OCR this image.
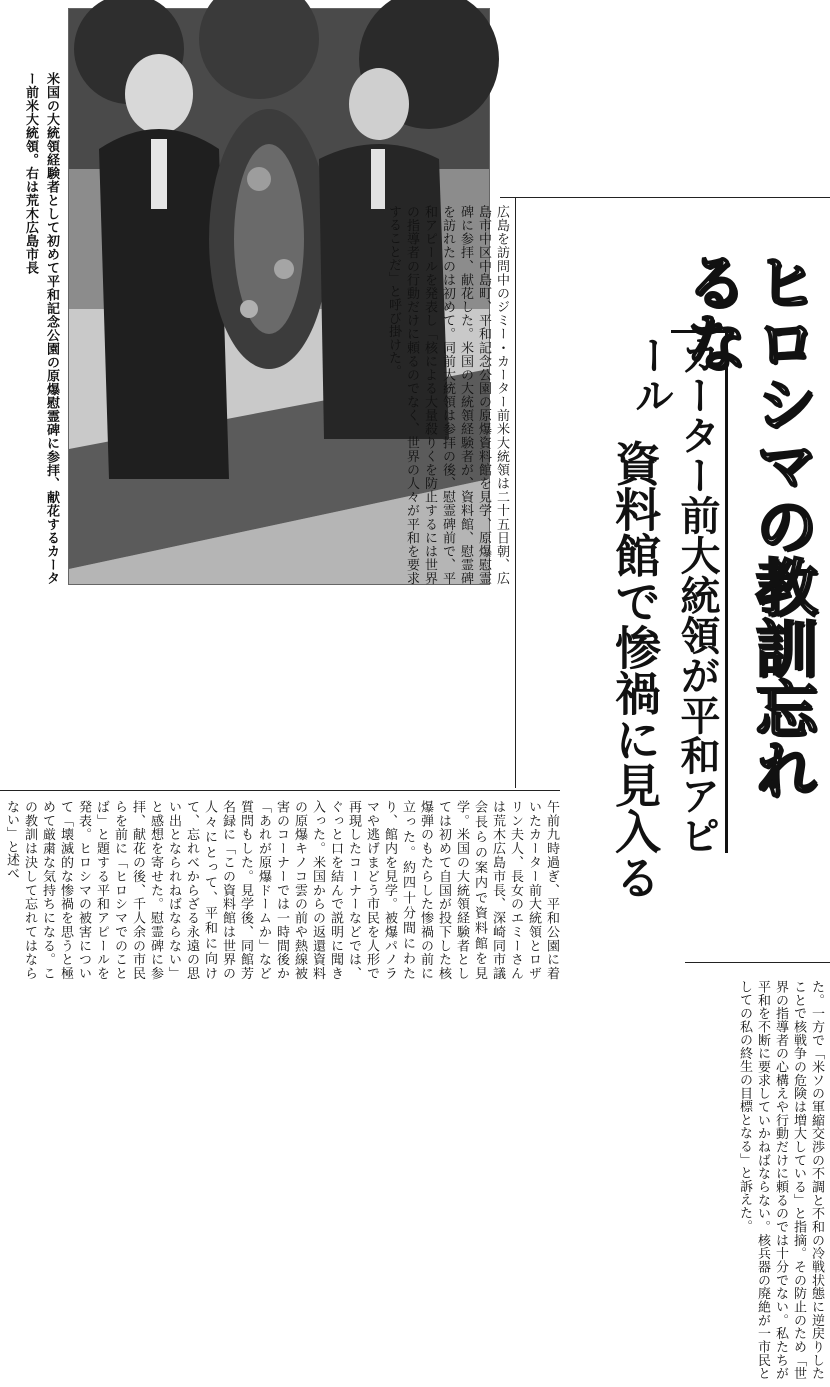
米国の大統領経験者として初めて平和記念公園の原爆慰霊碑に参拝、献花するカーター前米大統領。右は荒木広島市長
ヒロシマの教訓忘れるな
カーター前大統領が平和アピール
資料館で惨禍に見入る
広島を訪問中のジミー・カーター前米大統領は二十五日朝、広島市中区中島町、平和記念公園の原爆資料館を見学、原爆慰霊碑に参拝、献花した。米国の大統領経験者が、資料館、慰霊碑を訪れたのは初めて。同前大統領は参拝の後、慰霊碑前で、平和アピールを発表し「核による大量殺りくを防止するには世界の指導者の行動だけに頼るのでなく、世界の人々が平和を要求することだ」と呼び掛けた。
午前九時過ぎ、平和公園に着いたカーター前大統領とロザリン夫人、長女のエミーさんは荒木広島市長、深崎同市議会長らの案内で資料館を見学。米国の大統領経験者としては初めて自国が投下した核爆弾のもたらした惨禍の前に立った。約四十分間にわたり、館内を見学。被爆パノラマや逃げまどう市民を人形で再現したコーナーなどでは、ぐっと口を結んで説明に聞き入った。米国からの返還資料の原爆キノコ雲の前や熱線被害のコーナーでは一時間後か「あれが原爆ドームか」など質問もした。見学後、同館芳名録に「この資料館は世界の人々にとって、平和に向けて、忘れべからざる永遠の思い出となられねばならない」と感想を寄せた。慰霊碑に参拝、献花の後、千人余の市民らを前に「ヒロシマでのことば」と題する平和アピールを発表。ヒロシマの被害について「壊滅的な惨禍を思うと極めて厳粛な気持ちになる。この教訓は決して忘れてはならない」と述べ
た。一方で「米ソの軍縮交渉の不調と不和の冷戦状態に逆戻りしたことで核戦争の危険は増大している」と指摘。その防止のため「世界の指導者の心構えや行動だけに頼るのでは十分でない。私たちが平和を不断に要求していかねばならない。核兵器の廃絶が一市民としての私の終生の目標となる」と訴えた。
